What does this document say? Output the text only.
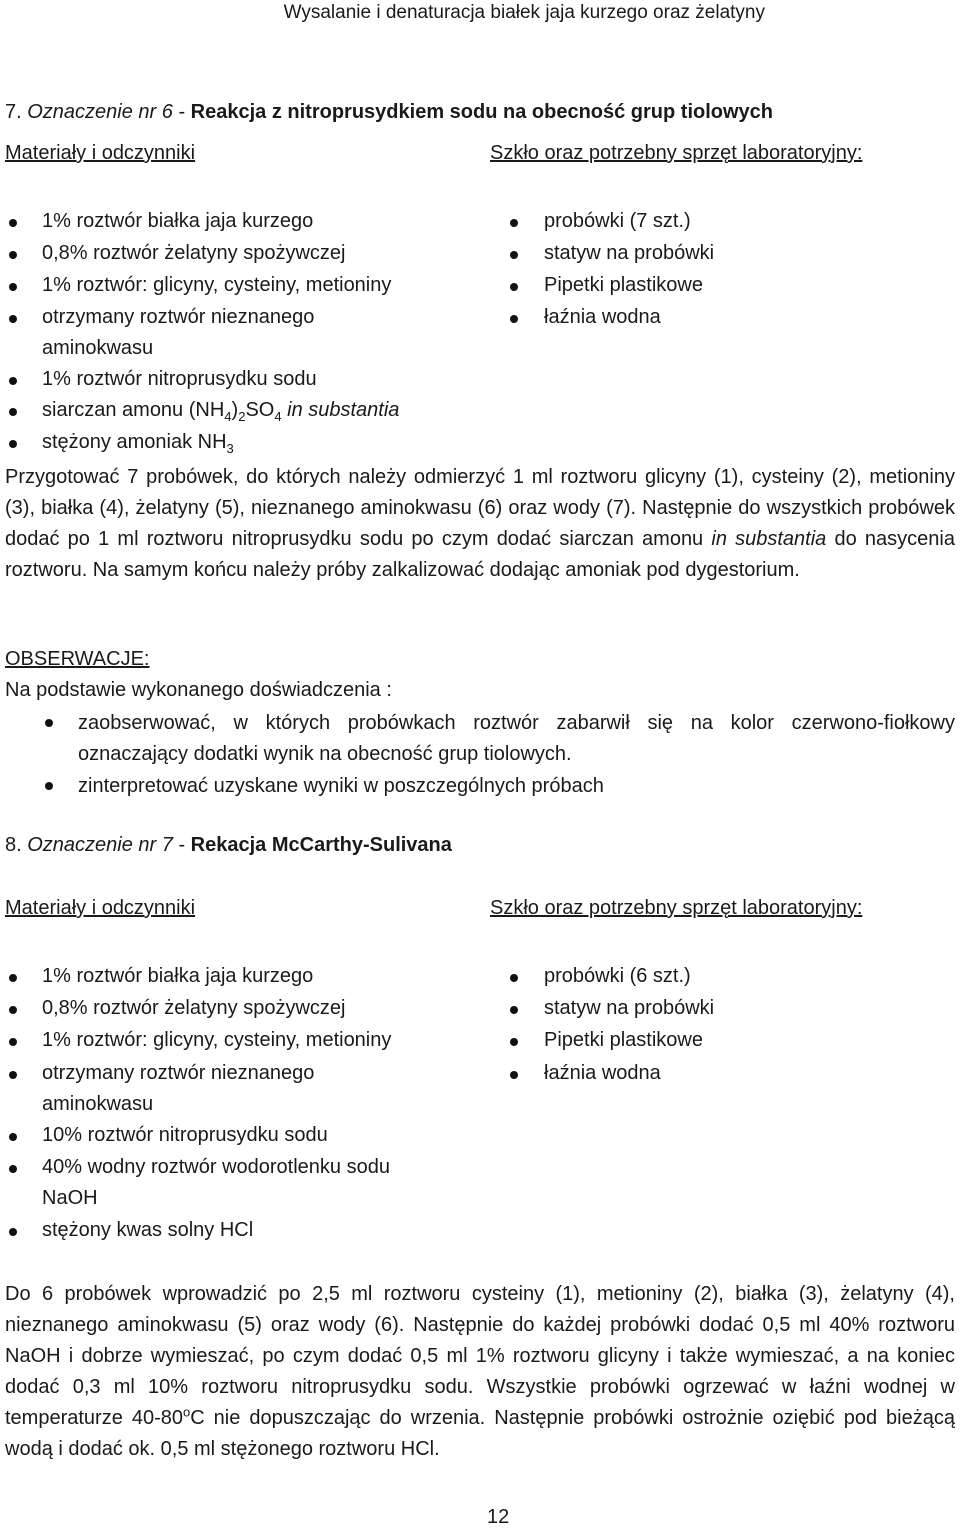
Wysalanie i denaturacja białek jaja kurzego oraz żelatyny
7. Oznaczenie nr 6 - Reakcja z nitroprusydkiem sodu na obecność grup tiolowych
Materiały i odczynniki	Szkło oraz potrzebny sprzęt laboratoryjny:
1% roztwór białka jaja kurzego
0,8% roztwór żelatyny spożywczej
1% roztwór: glicyny, cysteiny, metioniny
otrzymany roztwór nieznanego
aminokwasu
1% roztwór nitroprusydku sodu
siarczan amonu $(NH_4)_2SO_4$ in substantia
stężony amoniak $NH_3$
probówki (7 szt.)
statyw na probówki
Pipetki plastikowe
łaźnia wodna

Przygotować 7 probówek, do których należy odmierzyć 1 ml roztworu glicyny (1), cysteiny (2), metioniny (3), białka (4), żelatyny (5), nieznanego aminokwasu (6) oraz wody (7). Następnie do wszystkich probówek dodać po 1 ml roztworu nitroprusydku sodu po czym dodać siarczan amonu in substantia do nasycenia roztworu. Na samym końcu należy próby zalkalizować dodając amoniak pod dygestorium.

OBSERWACJE:
Na podstawie wykonanego doświadczenia :
zaobserwować, w których probówkach roztwór zabarwił się na kolor czerwono-fiołkowy oznaczający dodatki wynik na obecność grup tiolowych.
zinterpretować uzyskane wyniki w poszczególnych próbach
8. Oznaczenie nr 7 - Rekacja McCarthy-Sulivana
Materiały i odczynniki	Szkło oraz potrzebny sprzęt laboratoryjny:
1% roztwór białka jaja kurzego
0,8% roztwór żelatyny spożywczej
1% roztwór: glicyny, cysteiny, metioniny
otrzymany roztwór nieznanego
aminokwasu
10% roztwór nitroprusydku sodu
40% wodny roztwór wodorotlenku sodu
NaOH
stężony kwas solny HCl
probówki (6 szt.)
statyw na probówki
Pipetki plastikowe
łaźnia wodna

Do 6 probówek wprowadzić po 2,5 ml roztworu cysteiny (1), metioniny (2), białka (3), żelatyny (4), nieznanego aminokwasu (5) oraz wody (6). Następnie do każdej probówki dodać 0,5 ml 40% roztworu NaOH i dobrze wymieszać, po czym dodać 0,5 ml 1% roztworu glicyny i także wymieszać, a na koniec dodać 0,3 ml 10% roztworu nitroprusydku sodu. Wszystkie probówki ogrzewać w łaźni wodnej w temperaturze 40-80$^o$C nie dopuszczając do wrzenia. Następnie probówki ostrożnie oziębić pod bieżącą wodą i dodać ok. 0,5 ml stężonego roztworu HCl.

12
